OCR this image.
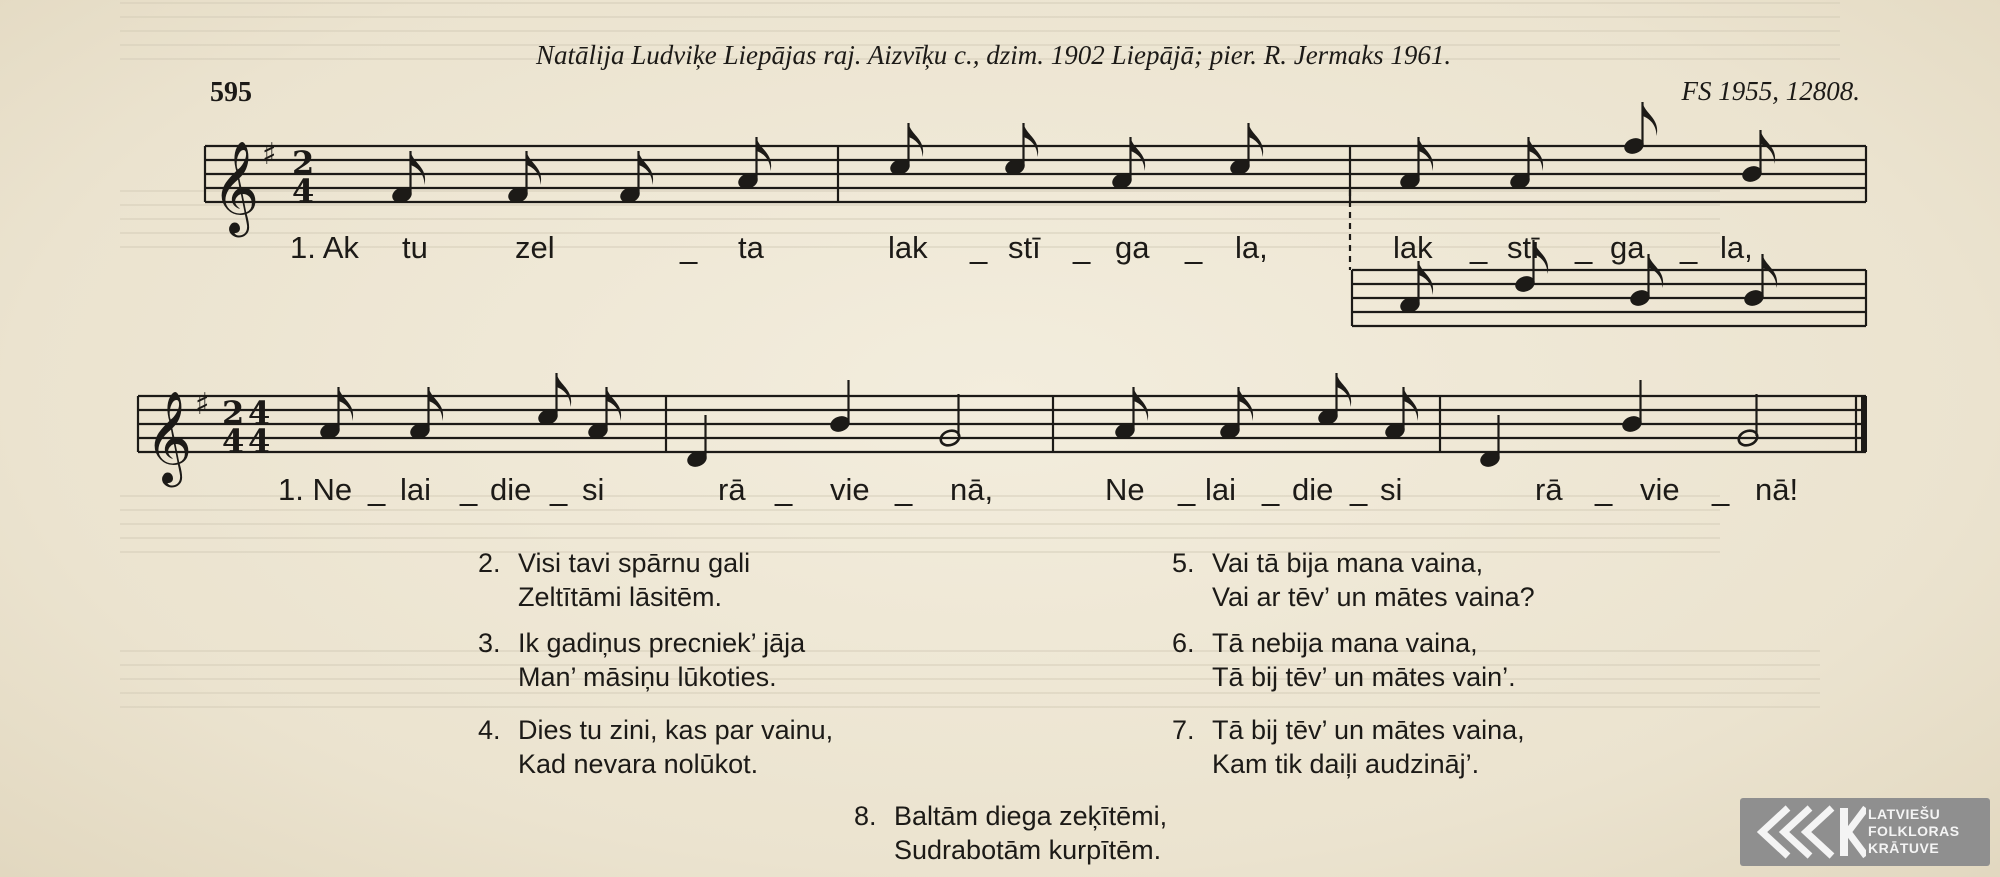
Natālija Ludviķe Liepājas raj. Aizvīķu c., dzim. 1902 Liepājā; pier. R. Jermaks 1961.
FS 1955, 12808.
595
𝄞 ♯ 2
4
𝄞 ♯ 2
4
4
4
1. Ak tu	zel	_ ta	lak _ stī _ ga _ la,	lak _ stī _ ga _ la,
1. Ne _ lai _ die _ si	rā _ vie _ nā,	Ne _ lai _ die _ si	rā _ vie _ nā!
2. Visi tavi spārnu gali
Zeltītāmi lāsitēm.
3. Ik gadiņus precniek’ jāja
Man’ māsiņu lūkoties.
4. Dies tu zini, kas par vainu,
Kad nevara nolūkot.
5. Vai tā bija mana vaina,
Vai ar tēv’ un mātes vaina?
6. Tā nebija mana vaina,
Tā bij tēv’ un mātes vain’.
7. Tā bij tēv’ un mātes vaina,
Kam tik daiļi audzināj’.
8. Baltām diega zeķītēmi,
Sudrabotām kurpītēm.
LATVIEŠU
FOLKLORAS
KRĀTUVE
